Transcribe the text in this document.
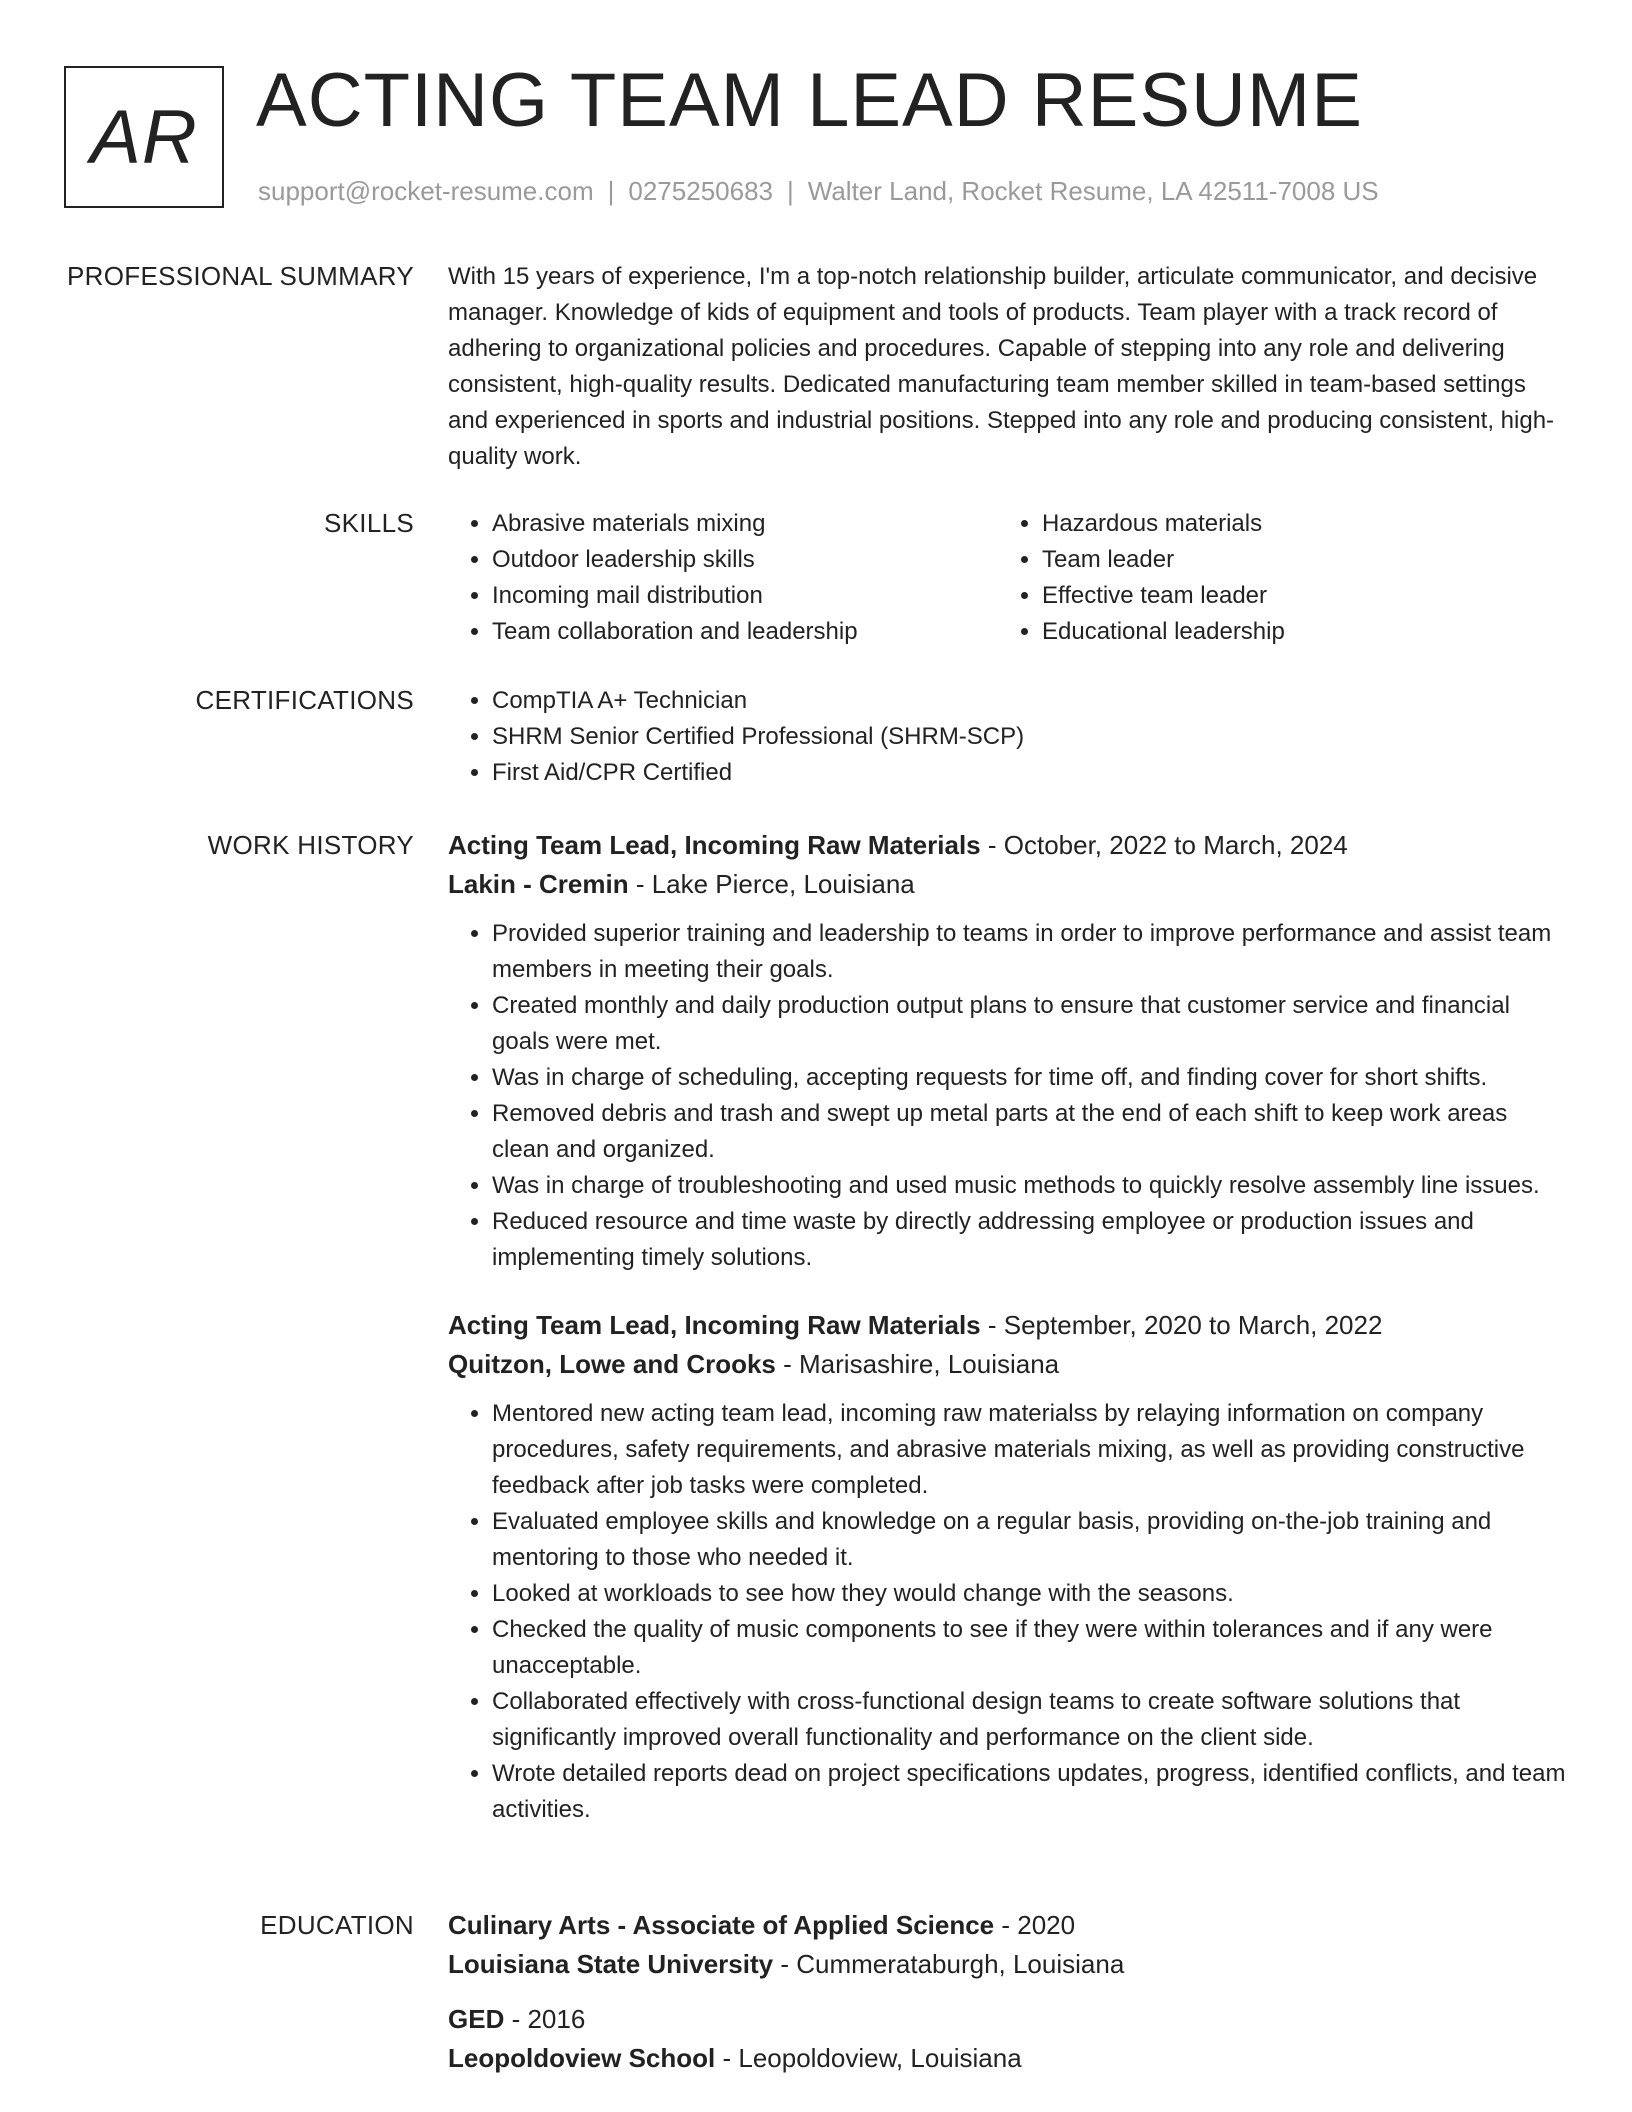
AR ACTING TEAM LEAD RESUME
support@rocket-resume.com | 0275250683 | Walter Land, Rocket Resume, LA 42511-7008 US
PROFESSIONAL SUMMARY With 15 years of experience, I'm a top-notch relationship builder, articulate communicator, and decisive manager. Knowledge of kids of equipment and tools of products. Team player with a track record of adhering to organizational policies and procedures. Capable of stepping into any role and delivering consistent, high-quality results. Dedicated manufacturing team member skilled in team-based settings and experienced in sports and industrial positions. Stepped into any role and producing consistent, high-quality work.

SKILLS	• Abrasive materials mixing
• Outdoor leadership skills
• Incoming mail distribution
• Team collaboration and leadership
• Hazardous materials
• Team leader
• Effective team leader
• Educational leadership
CERTIFICATIONS	• CompTIA A+ Technician
• SHRM Senior Certified Professional (SHRM-SCP)
• First Aid/CPR Certified
WORK HISTORY Acting Team Lead, Incoming Raw Materials - October, 2022 to March, 2024
Lakin - Cremin - Lake Pierce, Louisiana
• Provided superior training and leadership to teams in order to improve performance and assist team members in meeting their goals.
• Created monthly and daily production output plans to ensure that customer service and financial goals were met.
• Was in charge of scheduling, accepting requests for time off, and finding cover for short shifts.
• Removed debris and trash and swept up metal parts at the end of each shift to keep work areas clean and organized.
• Was in charge of troubleshooting and used music methods to quickly resolve assembly line issues.
• Reduced resource and time waste by directly addressing employee or production issues and implementing timely solutions.
Acting Team Lead, Incoming Raw Materials - September, 2020 to March, 2022
Quitzon, Lowe and Crooks - Marisashire, Louisiana
• Mentored new acting team lead, incoming raw materialss by relaying information on company procedures, safety requirements, and abrasive materials mixing, as well as providing constructive feedback after job tasks were completed.
• Evaluated employee skills and knowledge on a regular basis, providing on-the-job training and mentoring to those who needed it.
• Looked at workloads to see how they would change with the seasons.
• Checked the quality of music components to see if they were within tolerances and if any were unacceptable.
• Collaborated effectively with cross-functional design teams to create software solutions that significantly improved overall functionality and performance on the client side.
• Wrote detailed reports dead on project specifications updates, progress, identified conflicts, and team activities.
EDUCATION Culinary Arts - Associate of Applied Science - 2020
Louisiana State University - Cummerataburgh, Louisiana
GED - 2016
Leopoldoview School - Leopoldoview, Louisiana
